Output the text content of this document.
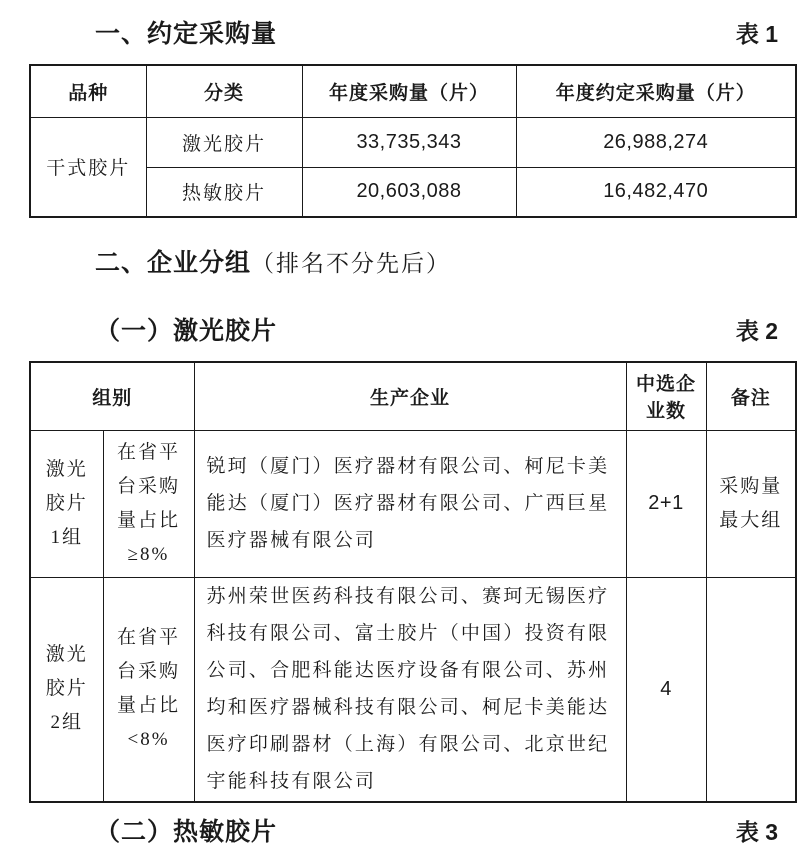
一、约定采购量	表 1
品种	分类	年度采购量（片）	年度约定采购量（片）
干式胶片	激光胶片	33,735,343	26,988,274
	热敏胶片	20,603,088	16,482,470
二、企业分组（排名不分先后）
（一）激光胶片	表 2
组别		生产企业	中选企业数	备注
激光胶片1组	在省平台采购量占比≥8%	锐珂（厦门）医疗器材有限公司、柯尼卡美能达（厦门）医疗器材有限公司、广西巨星医疗器械有限公司	2+1	采购量最大组
激光胶片2组	在省平台采购量占比<8%	苏州荣世医药科技有限公司、赛珂无锡医疗科技有限公司、富士胶片（中国）投资有限公司、合肥科能达医疗设备有限公司、苏州均和医疗器械科技有限公司、柯尼卡美能达医疗印刷器材（上海）有限公司、北京世纪宇能科技有限公司	4	
（二）热敏胶片	表 3
